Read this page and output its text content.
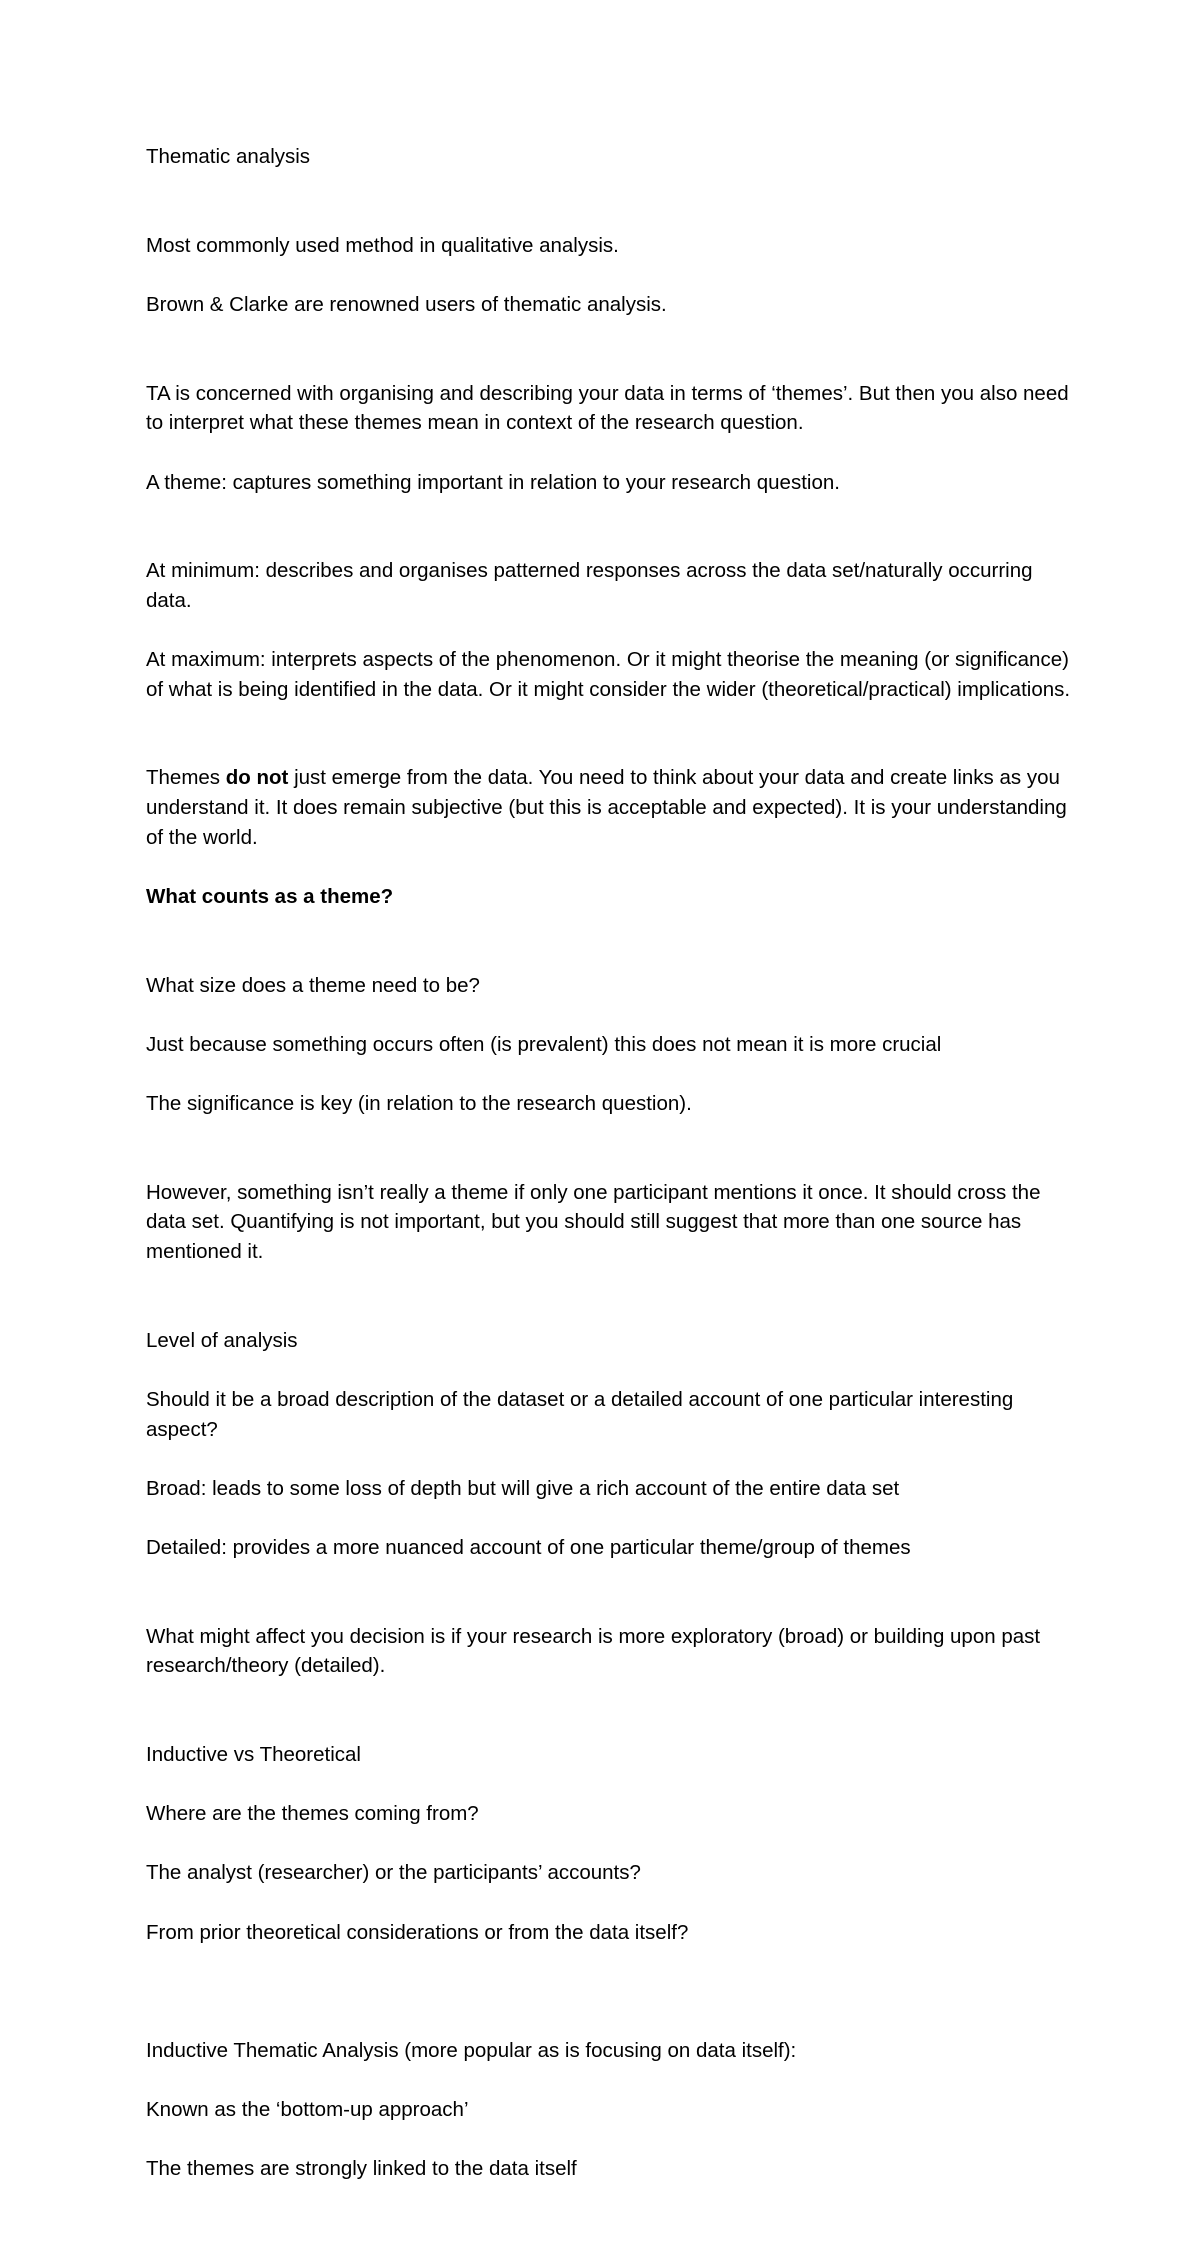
Thematic analysis

Most commonly used method in qualitative analysis.

Brown & Clarke are renowned users of thematic analysis.

TA is concerned with organising and describing your data in terms of ‘themes’. But then you also need to interpret what these themes mean in context of the research question.

A theme: captures something important in relation to your research question.

At minimum: describes and organises patterned responses across the data set/naturally occurring data.

At maximum: interprets aspects of the phenomenon. Or it might theorise the meaning (or significance) of what is being identified in the data. Or it might consider the wider (theoretical/practical) implications.

Themes do not just emerge from the data. You need to think about your data and create links as you understand it. It does remain subjective (but this is acceptable and expected). It is your understanding of the world.

What counts as a theme?

What size does a theme need to be?

Just because something occurs often (is prevalent) this does not mean it is more crucial

The significance is key (in relation to the research question).

However, something isn’t really a theme if only one participant mentions it once. It should cross the data set. Quantifying is not important, but you should still suggest that more than one source has mentioned it.

Level of analysis

Should it be a broad description of the dataset or a detailed account of one particular interesting aspect?

Broad: leads to some loss of depth but will give a rich account of the entire data set

Detailed: provides a more nuanced account of one particular theme/group of themes

What might affect you decision is if your research is more exploratory (broad) or building upon past research/theory (detailed).

Inductive vs Theoretical

Where are the themes coming from?

The analyst (researcher) or the participants’ accounts?

From prior theoretical considerations or from the data itself?

Inductive Thematic Analysis (more popular as is focusing on data itself):

Known as the ‘bottom-up approach’

The themes are strongly linked to the data itself
